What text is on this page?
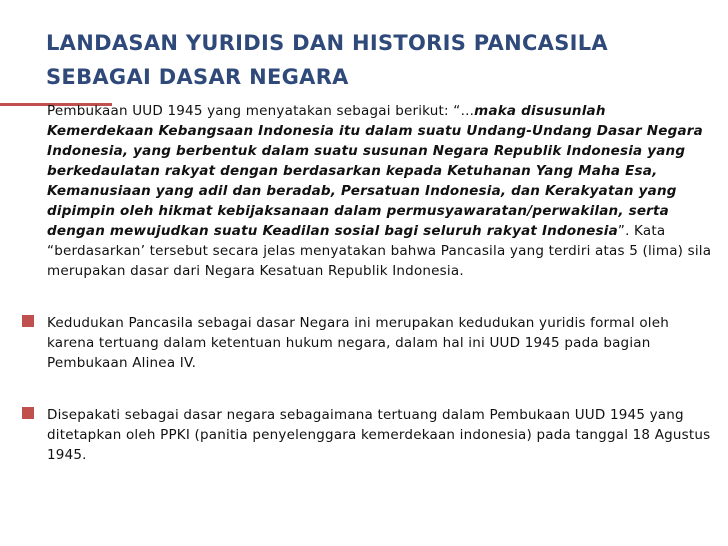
LANDASAN YURIDIS DAN HISTORIS PANCASILA
SEBAGAI DASAR NEGARA
Pembukaan UUD 1945 yang menyatakan sebagai berikut: “…maka disusunlah Kemerdekaan Kebangsaan Indonesia itu dalam suatu Undang-Undang Dasar Negara Indonesia, yang berbentuk dalam suatu susunan Negara Republik Indonesia yang berkedaulatan rakyat dengan berdasarkan kepada Ketuhanan Yang Maha Esa, Kemanusiaan yang adil dan beradab, Persatuan Indonesia, dan Kerakyatan yang dipimpin oleh hikmat kebijaksanaan dalam permusyawaratan/perwakilan, serta dengan mewujudkan suatu Keadilan sosial bagi seluruh rakyat Indonesia”. Kata “berdasarkan’ tersebut secara jelas menyatakan bahwa Pancasila yang terdiri atas 5 (lima) sila merupakan dasar dari Negara Kesatuan Republik Indonesia.
Kedudukan Pancasila sebagai dasar Negara ini merupakan kedudukan yuridis formal oleh karena tertuang dalam ketentuan hukum negara, dalam hal ini UUD 1945 pada bagian Pembukaan Alinea IV.
Disepakati sebagai dasar negara sebagaimana tertuang dalam Pembukaan UUD 1945 yang ditetapkan oleh PPKI (panitia penyelenggara kemerdekaan indonesia) pada tanggal 18 Agustus 1945.
